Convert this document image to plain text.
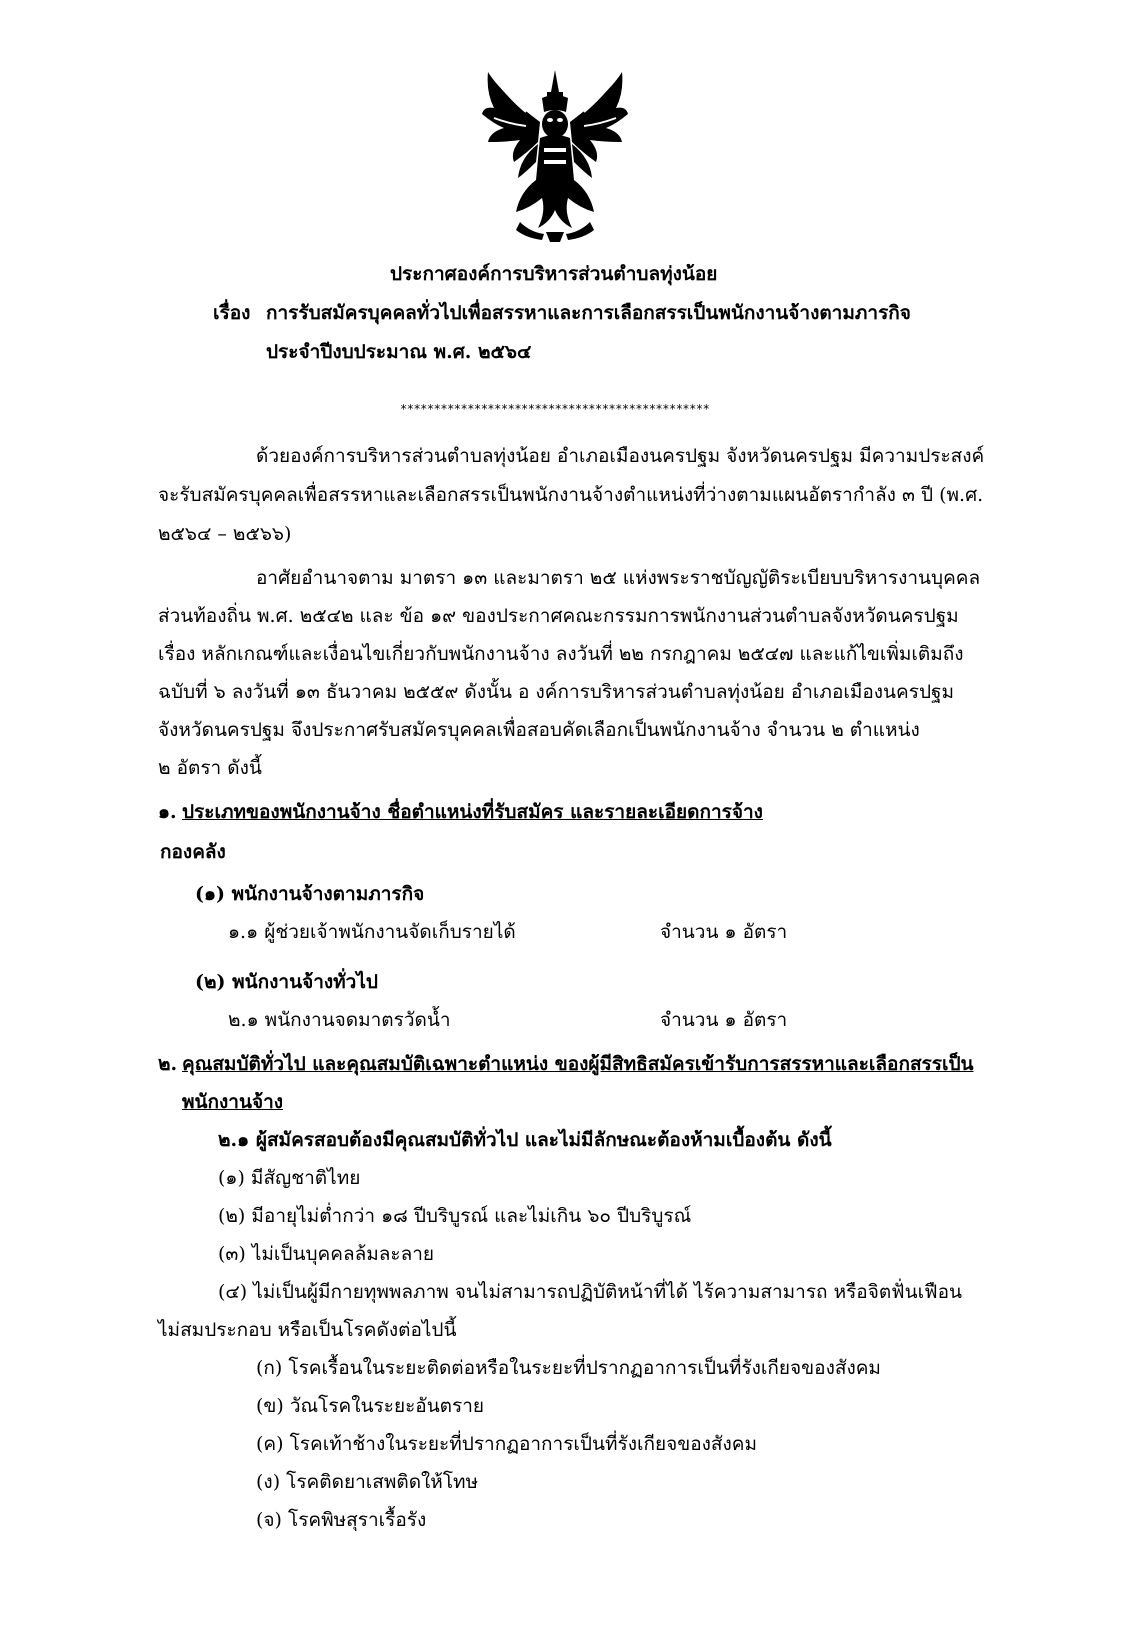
ประกาศองค์การบริหารส่วนตำบลทุ่งน้อย
เรื่อง การรับสมัครบุคคลทั่วไปเพื่อสรรหาและการเลือกสรรเป็นพนักงานจ้างตามภารกิจ
ประจำปีงบประมาณ พ.ศ. ๒๕๖๔
**********************************************
ด้วยองค์การบริหารส่วนตำบลทุ่งน้อย อำเภอเมืองนครปฐม จังหวัดนครปฐม มีความประสงค์
จะรับสมัครบุคคลเพื่อสรรหาและเลือกสรรเป็นพนักงานจ้างตำแหน่งที่ว่างตามแผนอัตรากำลัง ๓ ปี (พ.ศ.
๒๕๖๔ – ๒๕๖๖)
อาศัยอำนาจตาม มาตรา ๑๓ และมาตรา ๒๕ แห่งพระราชบัญญัติระเบียบบริหารงานบุคคล
ส่วนท้องถิ่น พ.ศ. ๒๕๔๒ และ ข้อ ๑๙ ของประกาศคณะกรรมการพนักงานส่วนตำบลจังหวัดนครปฐม
เรื่อง หลักเกณฑ์และเงื่อนไขเกี่ยวกับพนักงานจ้าง ลงวันที่ ๒๒ กรกฎาคม ๒๕๔๗ และแก้ไขเพิ่มเติมถึง
ฉบับที่ ๖ ลงวันที่ ๑๓ ธันวาคม ๒๕๕๙ ดังนั้น อ งค์การบริหารส่วนตำบลทุ่งน้อย อำเภอเมืองนครปฐม
จังหวัดนครปฐม จึงประกาศรับสมัครบุคคลเพื่อสอบคัดเลือกเป็นพนักงานจ้าง จำนวน ๒ ตำแหน่ง
๒ อัตรา ดังนี้
๑. ประเภทของพนักงานจ้าง ชื่อตำแหน่งที่รับสมัคร และรายละเอียดการจ้าง
กองคลัง
(๑) พนักงานจ้างตามภารกิจ
๑.๑ ผู้ช่วยเจ้าพนักงานจัดเก็บรายได้	จำนวน ๑ อัตรา
(๒) พนักงานจ้างทั่วไป
๒.๑ พนักงานจดมาตรวัดน้ำ	จำนวน ๑ อัตรา
๒. คุณสมบัติทั่วไป และคุณสมบัติเฉพาะตำแหน่ง ของผู้มีสิทธิสมัครเข้ารับการสรรหาและเลือกสรรเป็น
พนักงานจ้าง
๒.๑ ผู้สมัครสอบต้องมีคุณสมบัติทั่วไป และไม่มีลักษณะต้องห้ามเบื้องต้น ดังนี้
(๑) มีสัญชาติไทย
(๒) มีอายุไม่ต่ำกว่า ๑๘ ปีบริบูรณ์ และไม่เกิน ๖๐ ปีบริบูรณ์
(๓) ไม่เป็นบุคคลล้มละลาย
(๔) ไม่เป็นผู้มีกายทุพพลภาพ จนไม่สามารถปฏิบัติหน้าที่ได้ ไร้ความสามารถ หรือจิตฟั่นเฟือน
ไม่สมประกอบ หรือเป็นโรคดังต่อไปนี้
(ก) โรคเรื้อนในระยะติดต่อหรือในระยะที่ปรากฏอาการเป็นที่รังเกียจของสังคม
(ข) วัณโรคในระยะอันตราย
(ค) โรคเท้าช้างในระยะที่ปรากฏอาการเป็นที่รังเกียจของสังคม
(ง) โรคติดยาเสพติดให้โทษ
(จ) โรคพิษสุราเรื้อรัง
